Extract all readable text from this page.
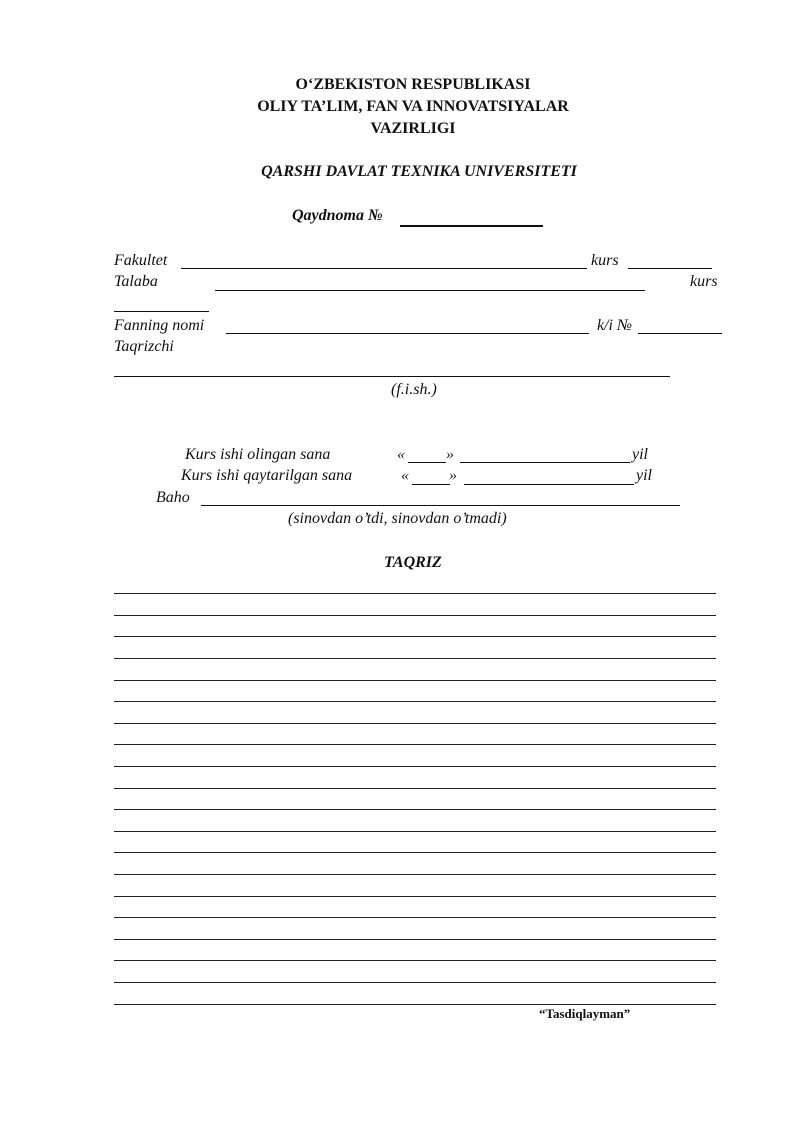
O‘ZBEKISTON RESPUBLIKASI
OLIY TA’LIM, FAN VA INNOVATSIYALAR
VAZIRLIGI
QARSHI DAVLAT TEXNIKA UNIVERSITETI
Qaydnoma №
Fakultet	kurs
Talaba	kurs
Fanning nomi	k/i №
Taqrizchi
(f.i.sh.)
Kurs ishi olingan sana	«	»	yil
Kurs ishi qaytarilgan sana	«	»	yil
Baho
(sinovdan o’tdi, sinovdan o’tmadi)
TAQRIZ
“Tasdiqlayman”
